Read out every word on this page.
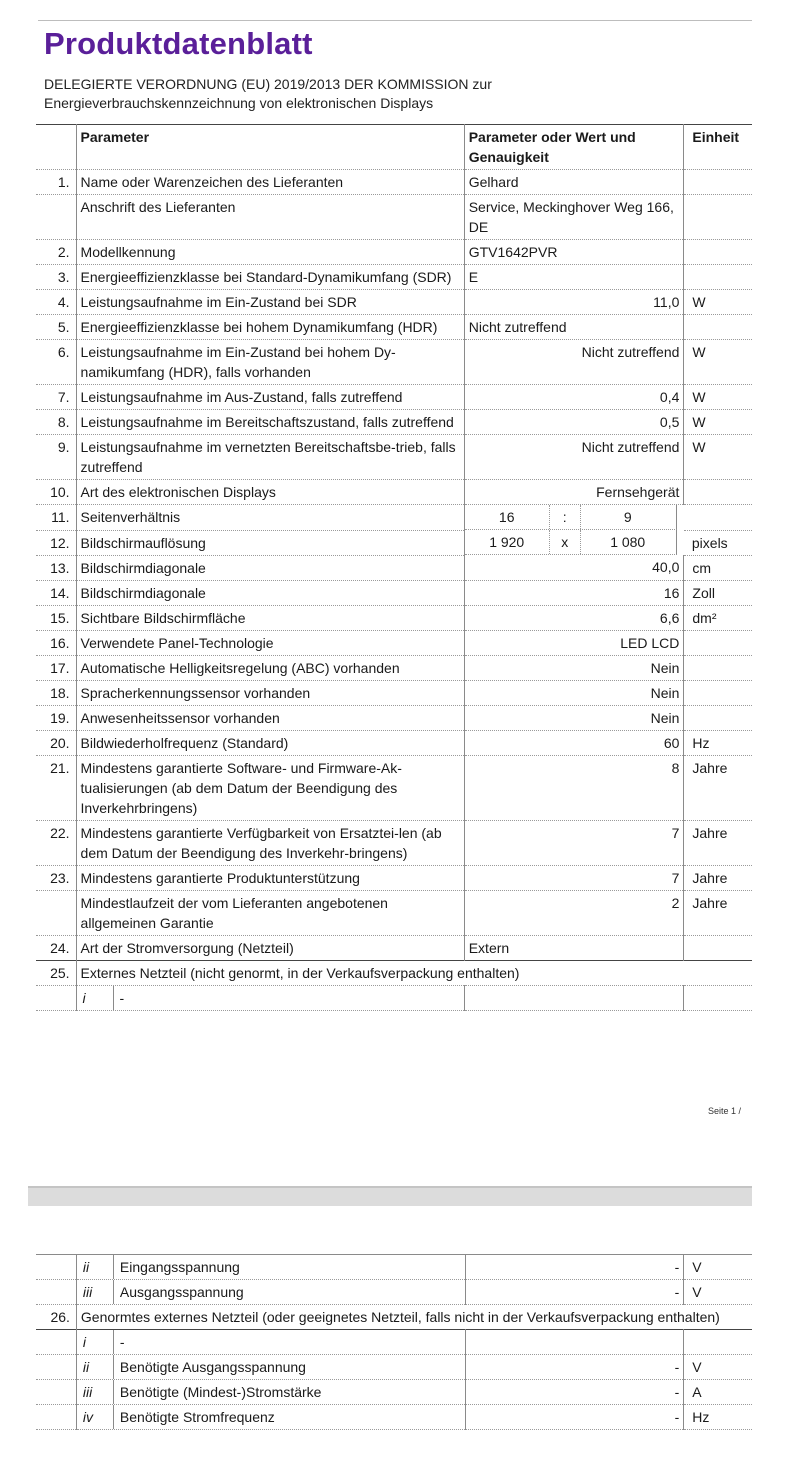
Produktdatenblatt
DELEGIERTE VERORDNUNG (EU) 2019/2013 DER KOMMISSION zur
Energieverbrauchskennzeichnung von elektronischen Displays
	Parameter	Parameter oder Wert und Genauigkeit	Einheit
1.	Name oder Warenzeichen des Lieferanten	Gelhard	
	Anschrift des Lieferanten	Service, Meckinghover Weg 166, DE	
2.	Modellkennung	GTV1642PVR	
3.	Energieeffizienzklasse bei Standard-Dynamikumfang (SDR)	E	
4.	Leistungsaufnahme im Ein-Zustand bei SDR	11,0	W
5.	Energieeffizienzklasse bei hohem Dynamikumfang (HDR)	Nicht zutreffend	
6.	Leistungsaufnahme im Ein-Zustand bei hohem Dy-namikumfang (HDR), falls vorhanden	Nicht zutreffend	W
7.	Leistungsaufnahme im Aus-Zustand, falls zutreffend	0,4	W
8.	Leistungsaufnahme im Bereitschaftszustand, falls zutreffend	0,5	W
9.	Leistungsaufnahme im vernetzten Bereitschaftsbe-trieb, falls zutreffend	Nicht zutreffend	W
10.	Art des elektronischen Displays	Fernsehgerät	
11.	Seitenverhältnis		16	:	9

12.	Bildschirmauflösung		1 920	x	1 080	pixels
13.	Bildschirmdiagonale	40,0	cm
14.	Bildschirmdiagonale	16	Zoll
15.	Sichtbare Bildschirmfläche	6,6	dm²
16.	Verwendete Panel-Technologie	LED LCD	
17.	Automatische Helligkeitsregelung (ABC) vorhanden	Nein	
18.	Spracherkennungssensor vorhanden	Nein	
19.	Anwesenheitssensor vorhanden	Nein	
20.	Bildwiederholfrequenz (Standard)	60	Hz
21.	Mindestens garantierte Software- und Firmware-Ak-tualisierungen (ab dem Datum der Beendigung des Inverkehrbringens)	8	Jahre
22.	Mindestens garantierte Verfügbarkeit von Ersatztei-len (ab dem Datum der Beendigung des Inverkehr-bringens)	7	Jahre
23.	Mindestens garantierte Produktunterstützung	7	Jahre
	Mindestlaufzeit der vom Lieferanten angebotenen allgemeinen Garantie	2	Jahre
24.	Art der Stromversorgung (Netzteil)	Extern	
25.	Externes Netzteil (nicht genormt, in der Verkaufsverpackung enthalten)		

	i -		

Seite 1 /

	ii Eingangsspannung	-	V

	iii Ausgangsspannung	-	V
26.	Genormtes externes Netzteil (oder geeignetes Netzteil, falls nicht in der Verkaufsverpackung enthalten)		

	i -		

	ii Benötigte Ausgangsspannung	-	V

	iii Benötigte (Mindest-)Stromstärke	-	A

	iv Benötigte Stromfrequenz	-	Hz
